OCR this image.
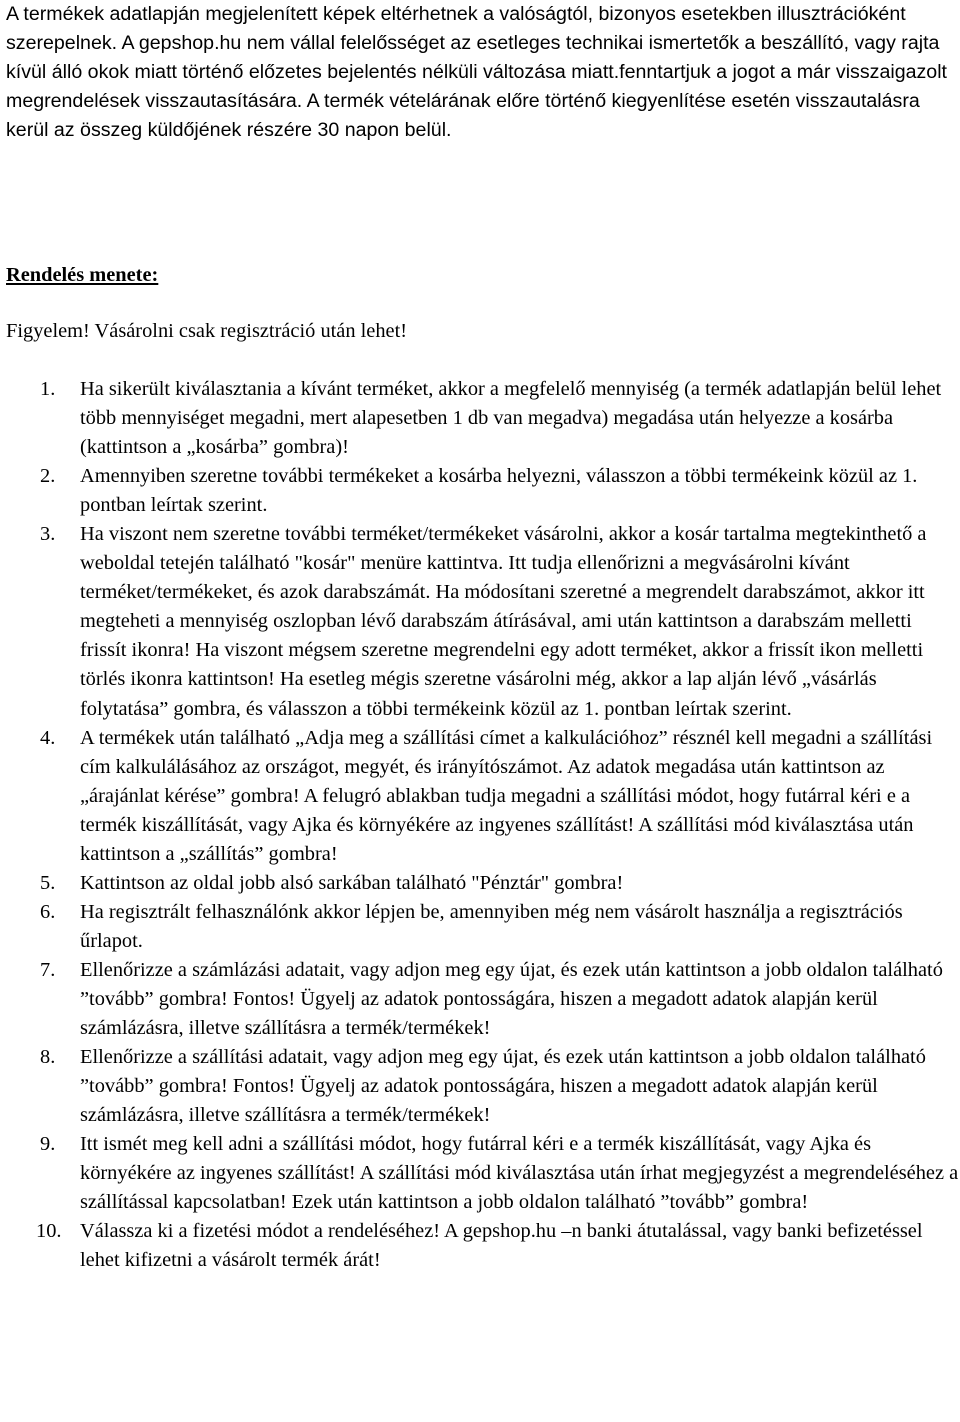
A termékek adatlapján megjelenített képek eltérhetnek a valóságtól, bizonyos esetekben illusztrációként szerepelnek. A gepshop.hu nem vállal felelősséget az esetleges technikai ismertetők a beszállító, vagy rajta kívül álló okok miatt történő előzetes bejelentés nélküli változása miatt.fenntartjuk a jogot a már visszaigazolt megrendelések visszautasítására. A termék vételárának előre történő kiegyenlítése esetén visszautalásra kerül az összeg küldőjének részére 30 napon belül.

Rendelés menete:

Figyelem! Vásárolni csak regisztráció után lehet!

1.	Ha sikerült kiválasztania a kívánt terméket, akkor a megfelelő mennyiség (a termék adatlapján belül lehet több mennyiséget megadni, mert alapesetben 1 db van megadva) megadása után helyezze a kosárba (kattintson a „kosárba” gombra)!
2.	Amennyiben szeretne további termékeket a kosárba helyezni, válasszon a többi termékeink közül az 1. pontban leírtak szerint.
3.	Ha viszont nem szeretne további terméket/termékeket vásárolni, akkor a kosár tartalma megtekinthető a weboldal tetején található "kosár" menüre kattintva. Itt tudja ellenőrizni a megvásárolni kívánt terméket/termékeket, és azok darabszámát. Ha módosítani szeretné a megrendelt darabszámot, akkor itt megteheti a mennyiség oszlopban lévő darabszám átírásával, ami után kattintson a darabszám melletti frissít ikonra! Ha viszont mégsem szeretne megrendelni egy adott terméket, akkor a frissít ikon melletti törlés ikonra kattintson! Ha esetleg mégis szeretne vásárolni még, akkor a lap alján lévő „vásárlás folytatása” gombra, és válasszon a többi termékeink közül az 1. pontban leírtak szerint.
4.	A termékek után található „Adja meg a szállítási címet a kalkulációhoz” résznél kell megadni a szállítási cím kalkulálásához az országot, megyét, és irányítószámot. Az adatok megadása után kattintson az „árajánlat kérése” gombra! A felugró ablakban tudja megadni a szállítási módot, hogy futárral kéri e a termék kiszállítását, vagy Ajka és környékére az ingyenes szállítást! A szállítási mód kiválasztása után kattintson a „szállítás” gombra!
5.	Kattintson az oldal jobb alsó sarkában található "Pénztár" gombra!
6.	Ha regisztrált felhasználónk akkor lépjen be, amennyiben még nem vásárolt használja a regisztrációs űrlapot.
7.	Ellenőrizze a számlázási adatait, vagy adjon meg egy újat, és ezek után kattintson a jobb oldalon található ”tovább” gombra! Fontos! Ügyelj az adatok pontosságára, hiszen a megadott adatok alapján kerül számlázásra, illetve szállításra a termék/termékek!
8.	Ellenőrizze a szállítási adatait, vagy adjon meg egy újat, és ezek után kattintson a jobb oldalon található ”tovább” gombra! Fontos! Ügyelj az adatok pontosságára, hiszen a megadott adatok alapján kerül számlázásra, illetve szállításra a termék/termékek!
9.	Itt ismét meg kell adni a szállítási módot, hogy futárral kéri e a termék kiszállítását, vagy Ajka és környékére az ingyenes szállítást! A szállítási mód kiválasztása után írhat megjegyzést a megrendeléséhez a szállítással kapcsolatban! Ezek után kattintson a jobb oldalon található ”tovább” gombra!
10. Válassza ki a fizetési módot a rendeléséhez! A gepshop.hu –n banki átutalással, vagy banki befizetéssel lehet kifizetni a vásárolt termék árát!
